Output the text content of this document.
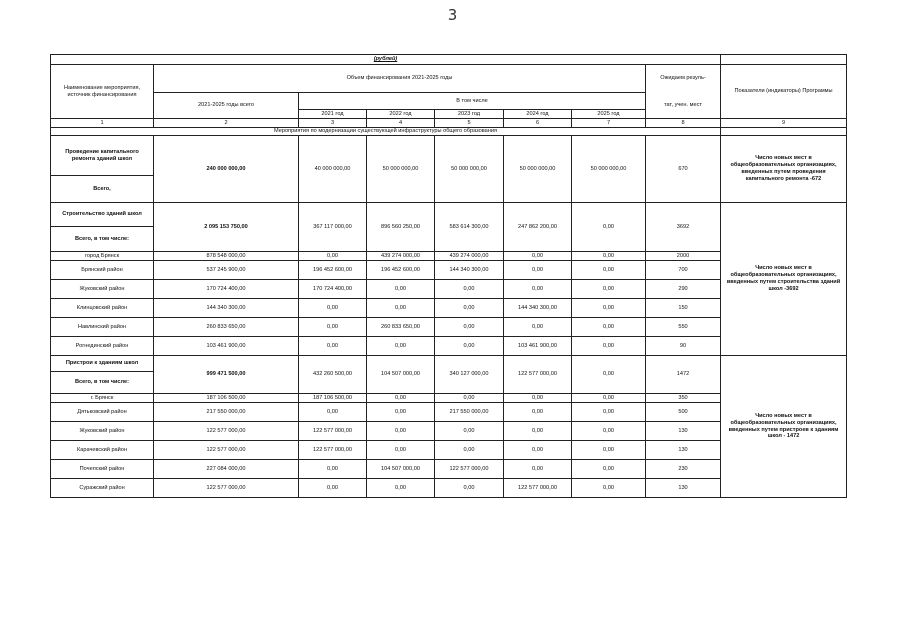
3
(рублей)								
Наименование мероприятия, источник финансирования	Объем финансирования 2021-2025 годы						Ожидаем резуль-	Показатели (индикаторы) Программы
	2021-2025 годы всего	В том числе					тат, учен. мест	
		2021 год	2022 год	2023 год	2024 год	2025 год		
1	2	3	4	5	6	7	8	9
Мероприятия по модернизации существующей инфраструктуры общего образования								
Проведение капитального ремонта зданий школ	240 000 000,00	40 000 000,00	50 000 000,00	50 000 000,00	50 000 000,00	50 000 000,00	670	Число новых мест в общеобразовательных организациях, введенных путем проведения капитального ремонта -672
Всего,								
Строительство зданий школ	2 095 153 750,00	367 117 000,00	896 560 250,00	583 614 300,00	247 862 200,00	0,00	3692	Число новых мест в общеобразовательных организациях, введенных путем строительства зданий школ -3692
Всего, в том числе:								
город Брянск	878 548 000,00	0,00	439 274 000,00	439 274 000,00	0,00	0,00	2000	
Брянский район	537 245 900,00	196 452 600,00	196 452 600,00	144 340 300,00	0,00	0,00	700	
Жуковский район	170 724 400,00	170 724 400,00	0,00	0,00	0,00	0,00	290	
Клинцовский район	144 340 300,00	0,00	0,00	0,00	144 340 300,00	0,00	150	
Навлинский район	260 833 650,00	0,00	260 833 650,00	0,00	0,00	0,00	550	
Рогнединский район	103 461 900,00	0,00	0,00	0,00	103 461 900,00	0,00	90	
Пристрои к зданиям школ	999 471 500,00	432 260 500,00	104 507 000,00	340 127 000,00	122 577 000,00	0,00	1472	Число новых мест в общеобразовательных организациях, введенных путем пристроев к зданиям школ - 1472
Всего, в том числе:								
г. Брянск	187 106 500,00	187 106 500,00	0,00	0,00	0,00	0,00	350	
Дятьковский район	217 550 000,00	0,00	0,00	217 550 000,00	0,00	0,00	500	
Жуковский район	122 577 000,00	122 577 000,00	0,00	0,00	0,00	0,00	130	
Карачевский район	122 577 000,00	122 577 000,00	0,00	0,00	0,00	0,00	130	
Почепский район	227 084 000,00	0,00	104 507 000,00	122 577 000,00	0,00	0,00	230	
Суражский район	122 577 000,00	0,00	0,00	0,00	122 577 000,00	0,00	130	
